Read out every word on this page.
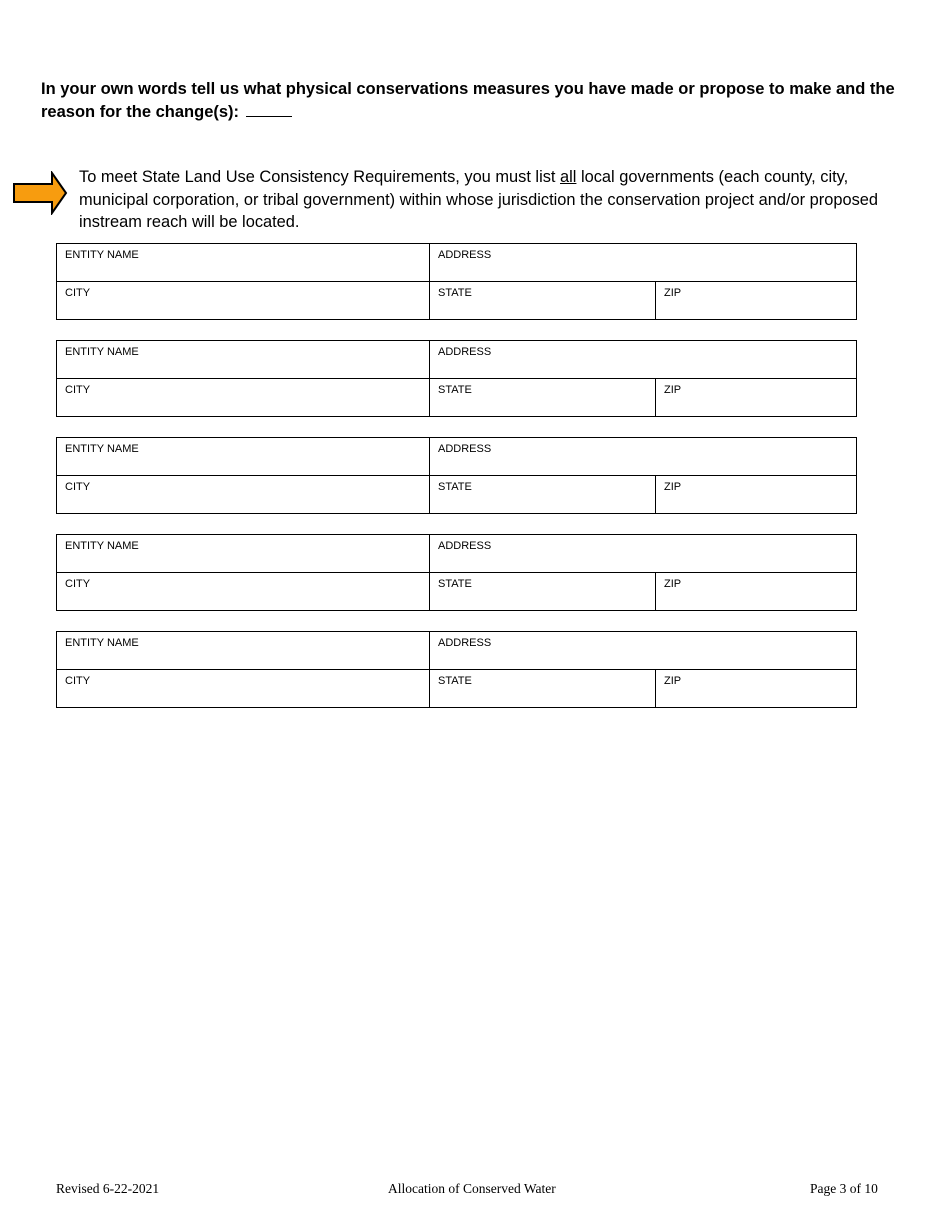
In your own words tell us what physical conservations measures you have made or propose to make and the reason for the change(s):
To meet State Land Use Consistency Requirements, you must list all local governments (each county, city, municipal corporation, or tribal government) within whose jurisdiction the conservation project and/or proposed instream reach will be located.
ENTITY NAME	ADDRESS	
CITY	STATE	ZIP
ENTITY NAME	ADDRESS	
CITY	STATE	ZIP
ENTITY NAME	ADDRESS	
CITY	STATE	ZIP
ENTITY NAME	ADDRESS	
CITY	STATE	ZIP
ENTITY NAME	ADDRESS	
CITY	STATE	ZIP
Revised 6-22-2021	Allocation of Conserved Water	Page 3 of 10
